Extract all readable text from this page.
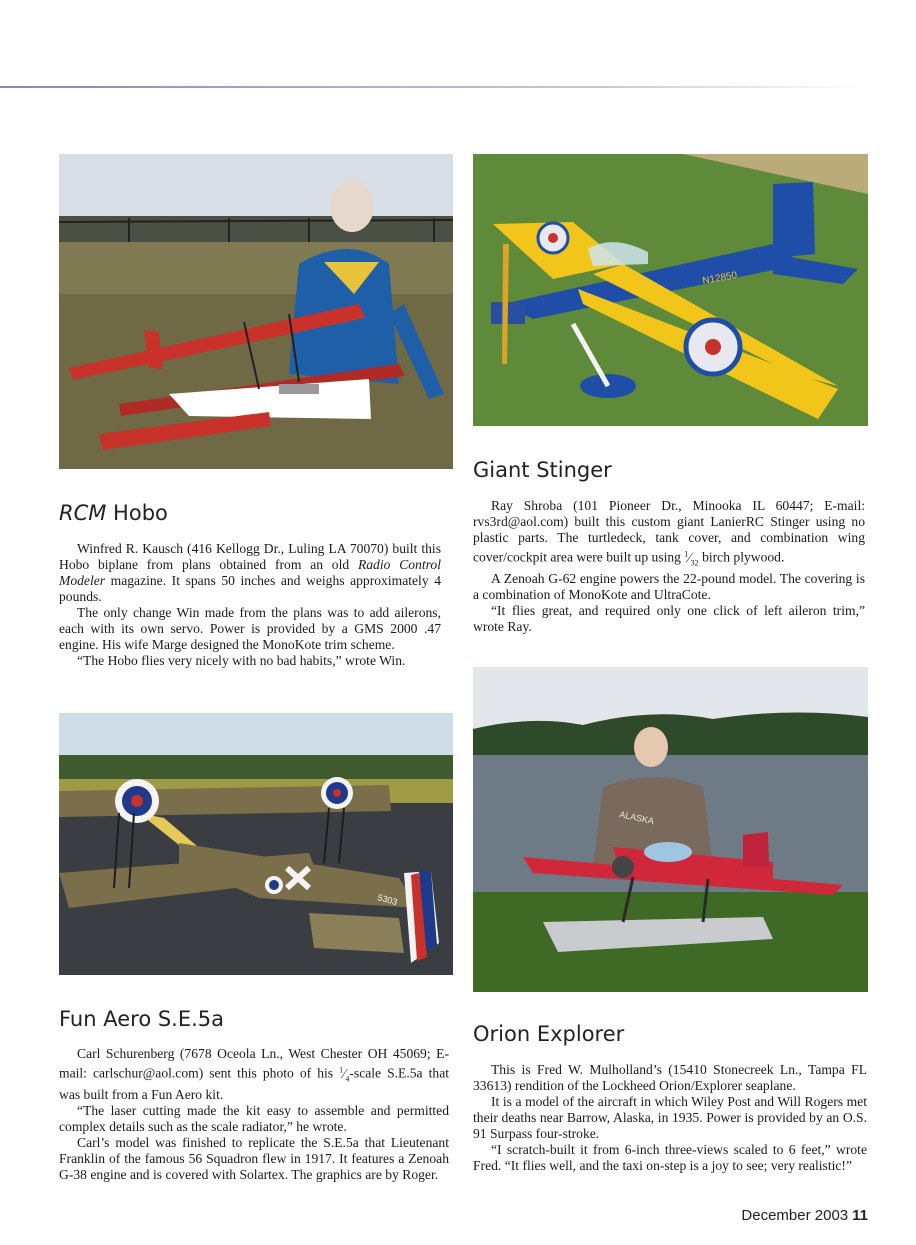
N12850
5303
ALASKA
RCM Hobo

Winfred R. Kausch (416 Kellogg Dr., Luling LA 70070) built this Hobo biplane from plans obtained from an old Radio Control Modeler magazine. It spans 50 inches and weighs approximately 4 pounds.

The only change Win made from the plans was to add ailerons, each with its own servo. Power is provided by a GMS 2000 .47 engine. His wife Marge designed the MonoKote trim scheme.

“The Hobo flies very nicely with no bad habits,” wrote Win.

Giant Stinger

Ray Shroba (101 Pioneer Dr., Minooka IL 60447; E-mail: rvs3rd@aol.com) built this custom giant LanierRC Stinger using no plastic parts. The turtledeck, tank cover, and combination wing cover/cockpit area were built up using $^1⁄_{32}$ birch plywood.

A Zenoah G-62 engine powers the 22-pound model. The covering is a combination of MonoKote and UltraCote.

“It flies great, and required only one click of left aileron trim,” wrote Ray.

Fun Aero S.E.5a

Carl Schurenberg (7678 Oceola Ln., West Chester OH 45069; E-mail: carlschur@aol.com) sent this photo of his $^1⁄_4$-scale S.E.5a that was built from a Fun Aero kit.

“The laser cutting made the kit easy to assemble and permitted complex details such as the scale radiator,” he wrote.

Carl’s model was finished to replicate the S.E.5a that Lieutenant Franklin of the famous 56 Squadron flew in 1917. It features a Zenoah G-38 engine and is covered with Solartex. The graphics are by Roger.

Orion Explorer

This is Fred W. Mulholland’s (15410 Stonecreek Ln., Tampa FL 33613) rendition of the Lockheed Orion/Explorer seaplane.

It is a model of the aircraft in which Wiley Post and Will Rogers met their deaths near Barrow, Alaska, in 1935. Power is provided by an O.S. 91 Surpass four-stroke.

“I scratch-built it from 6-inch three-views scaled to 6 feet,” wrote Fred. “It flies well, and the taxi on-step is a joy to see; very realistic!”

December 2003 11
